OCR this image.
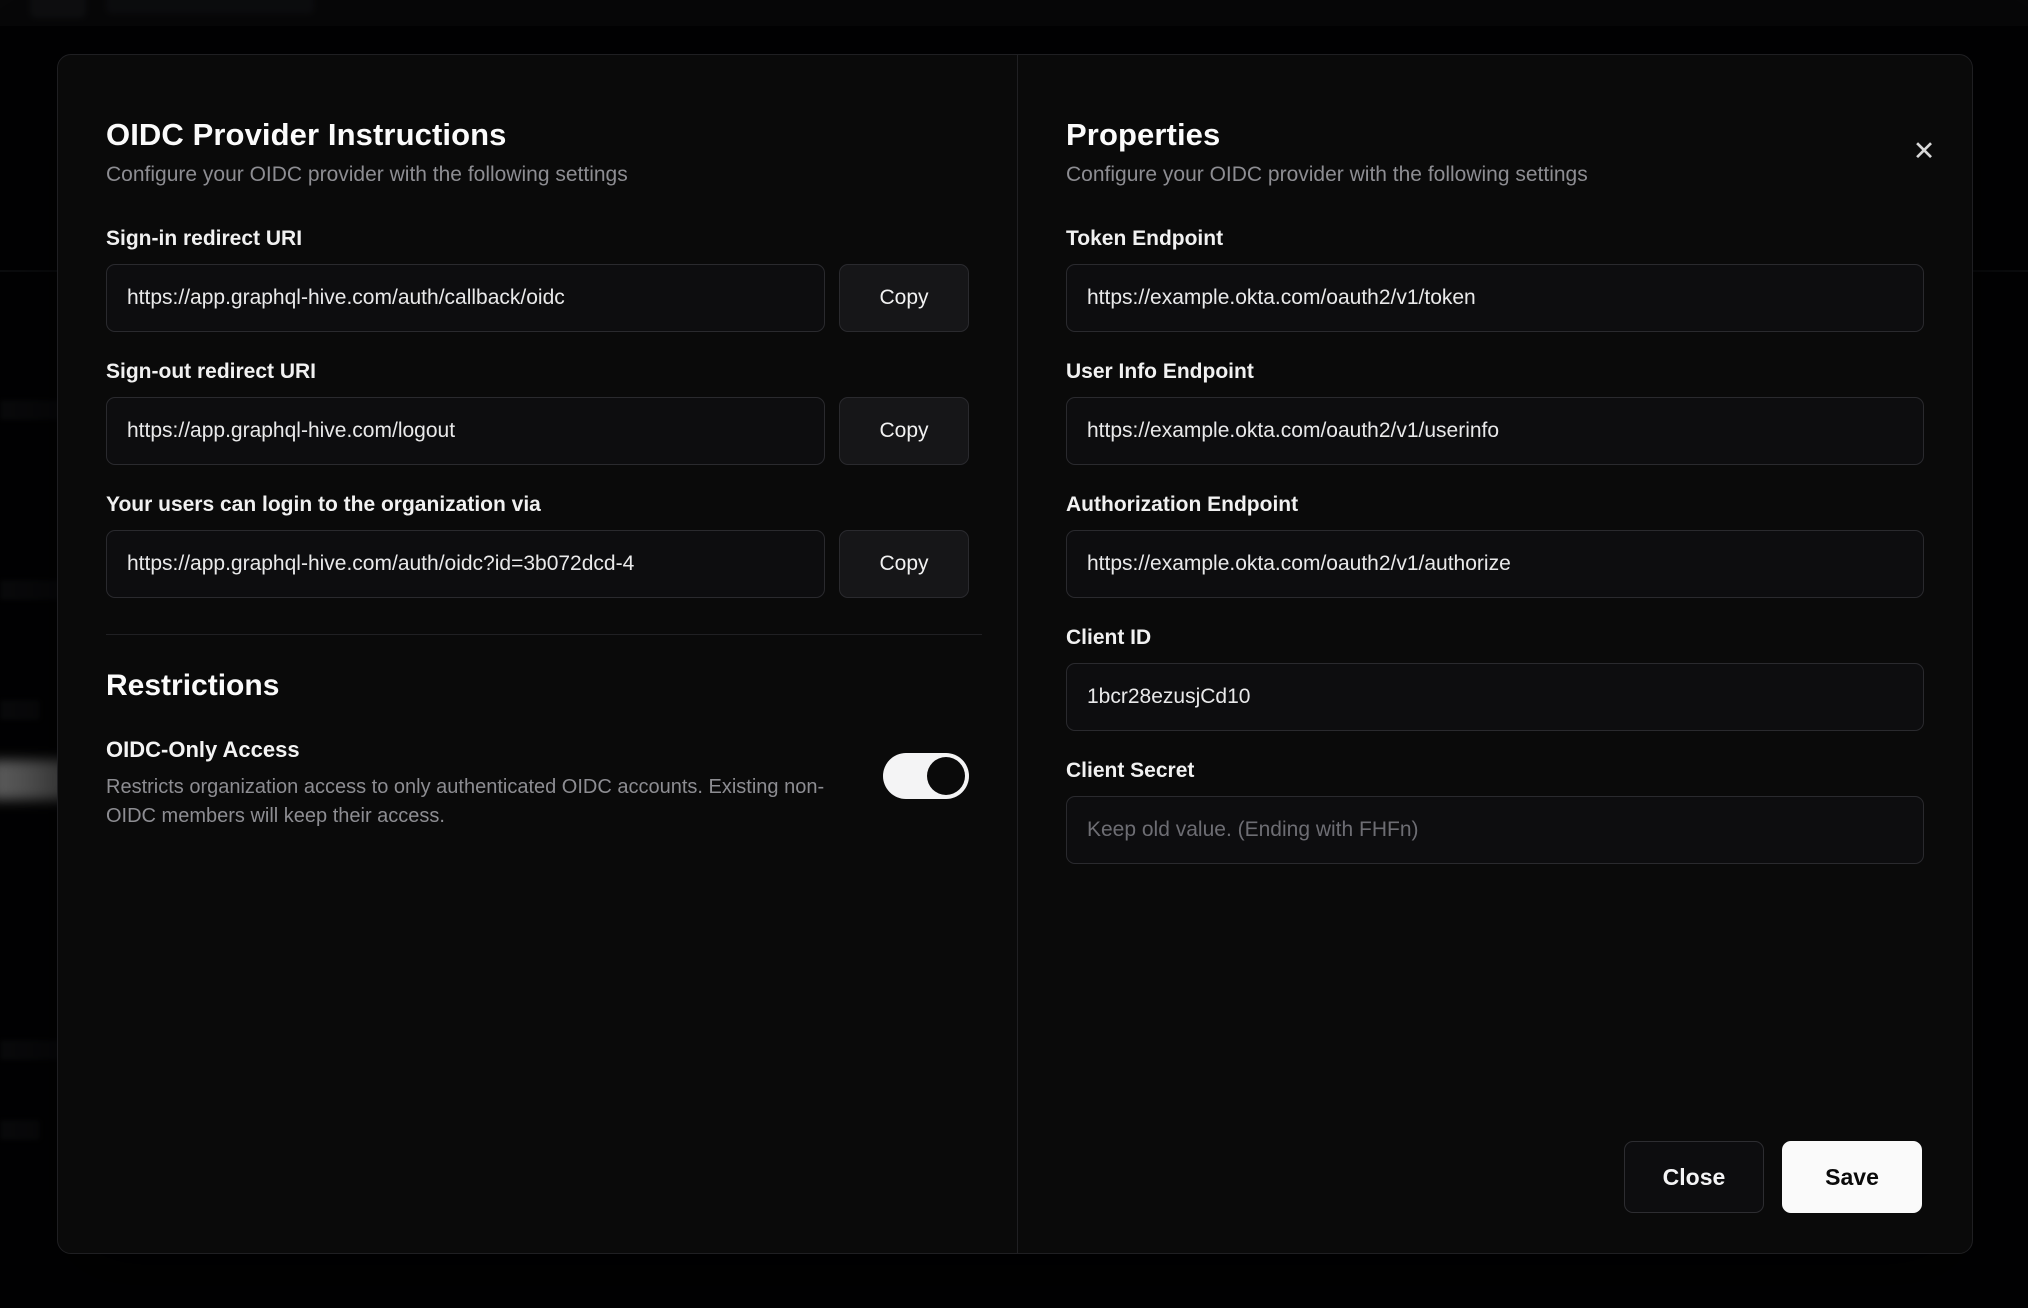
✕
OIDC Provider Instructions

Configure your OIDC provider with the following settings

Sign-in redirect URI
https://app.graphql-hive.com/auth/callback/oidc
Copy
Sign-out redirect URI
https://app.graphql-hive.com/logout
Copy
Your users can login to the organization via
https://app.graphql-hive.com/auth/oidc?id=3b072dcd-4
Copy
Restrictions
OIDC-Only Access
Restricts organization access to only authenticated OIDC accounts. Existing non-OIDC members will keep their access.
Properties

Configure your OIDC provider with the following settings

Token Endpoint
https://example.okta.com/oauth2/v1/token
User Info Endpoint
https://example.okta.com/oauth2/v1/userinfo
Authorization Endpoint
https://example.okta.com/oauth2/v1/authorize
Client ID
1bcr28ezusjCd10
Client Secret
Keep old value. (Ending with FHFn)
Close	Save
